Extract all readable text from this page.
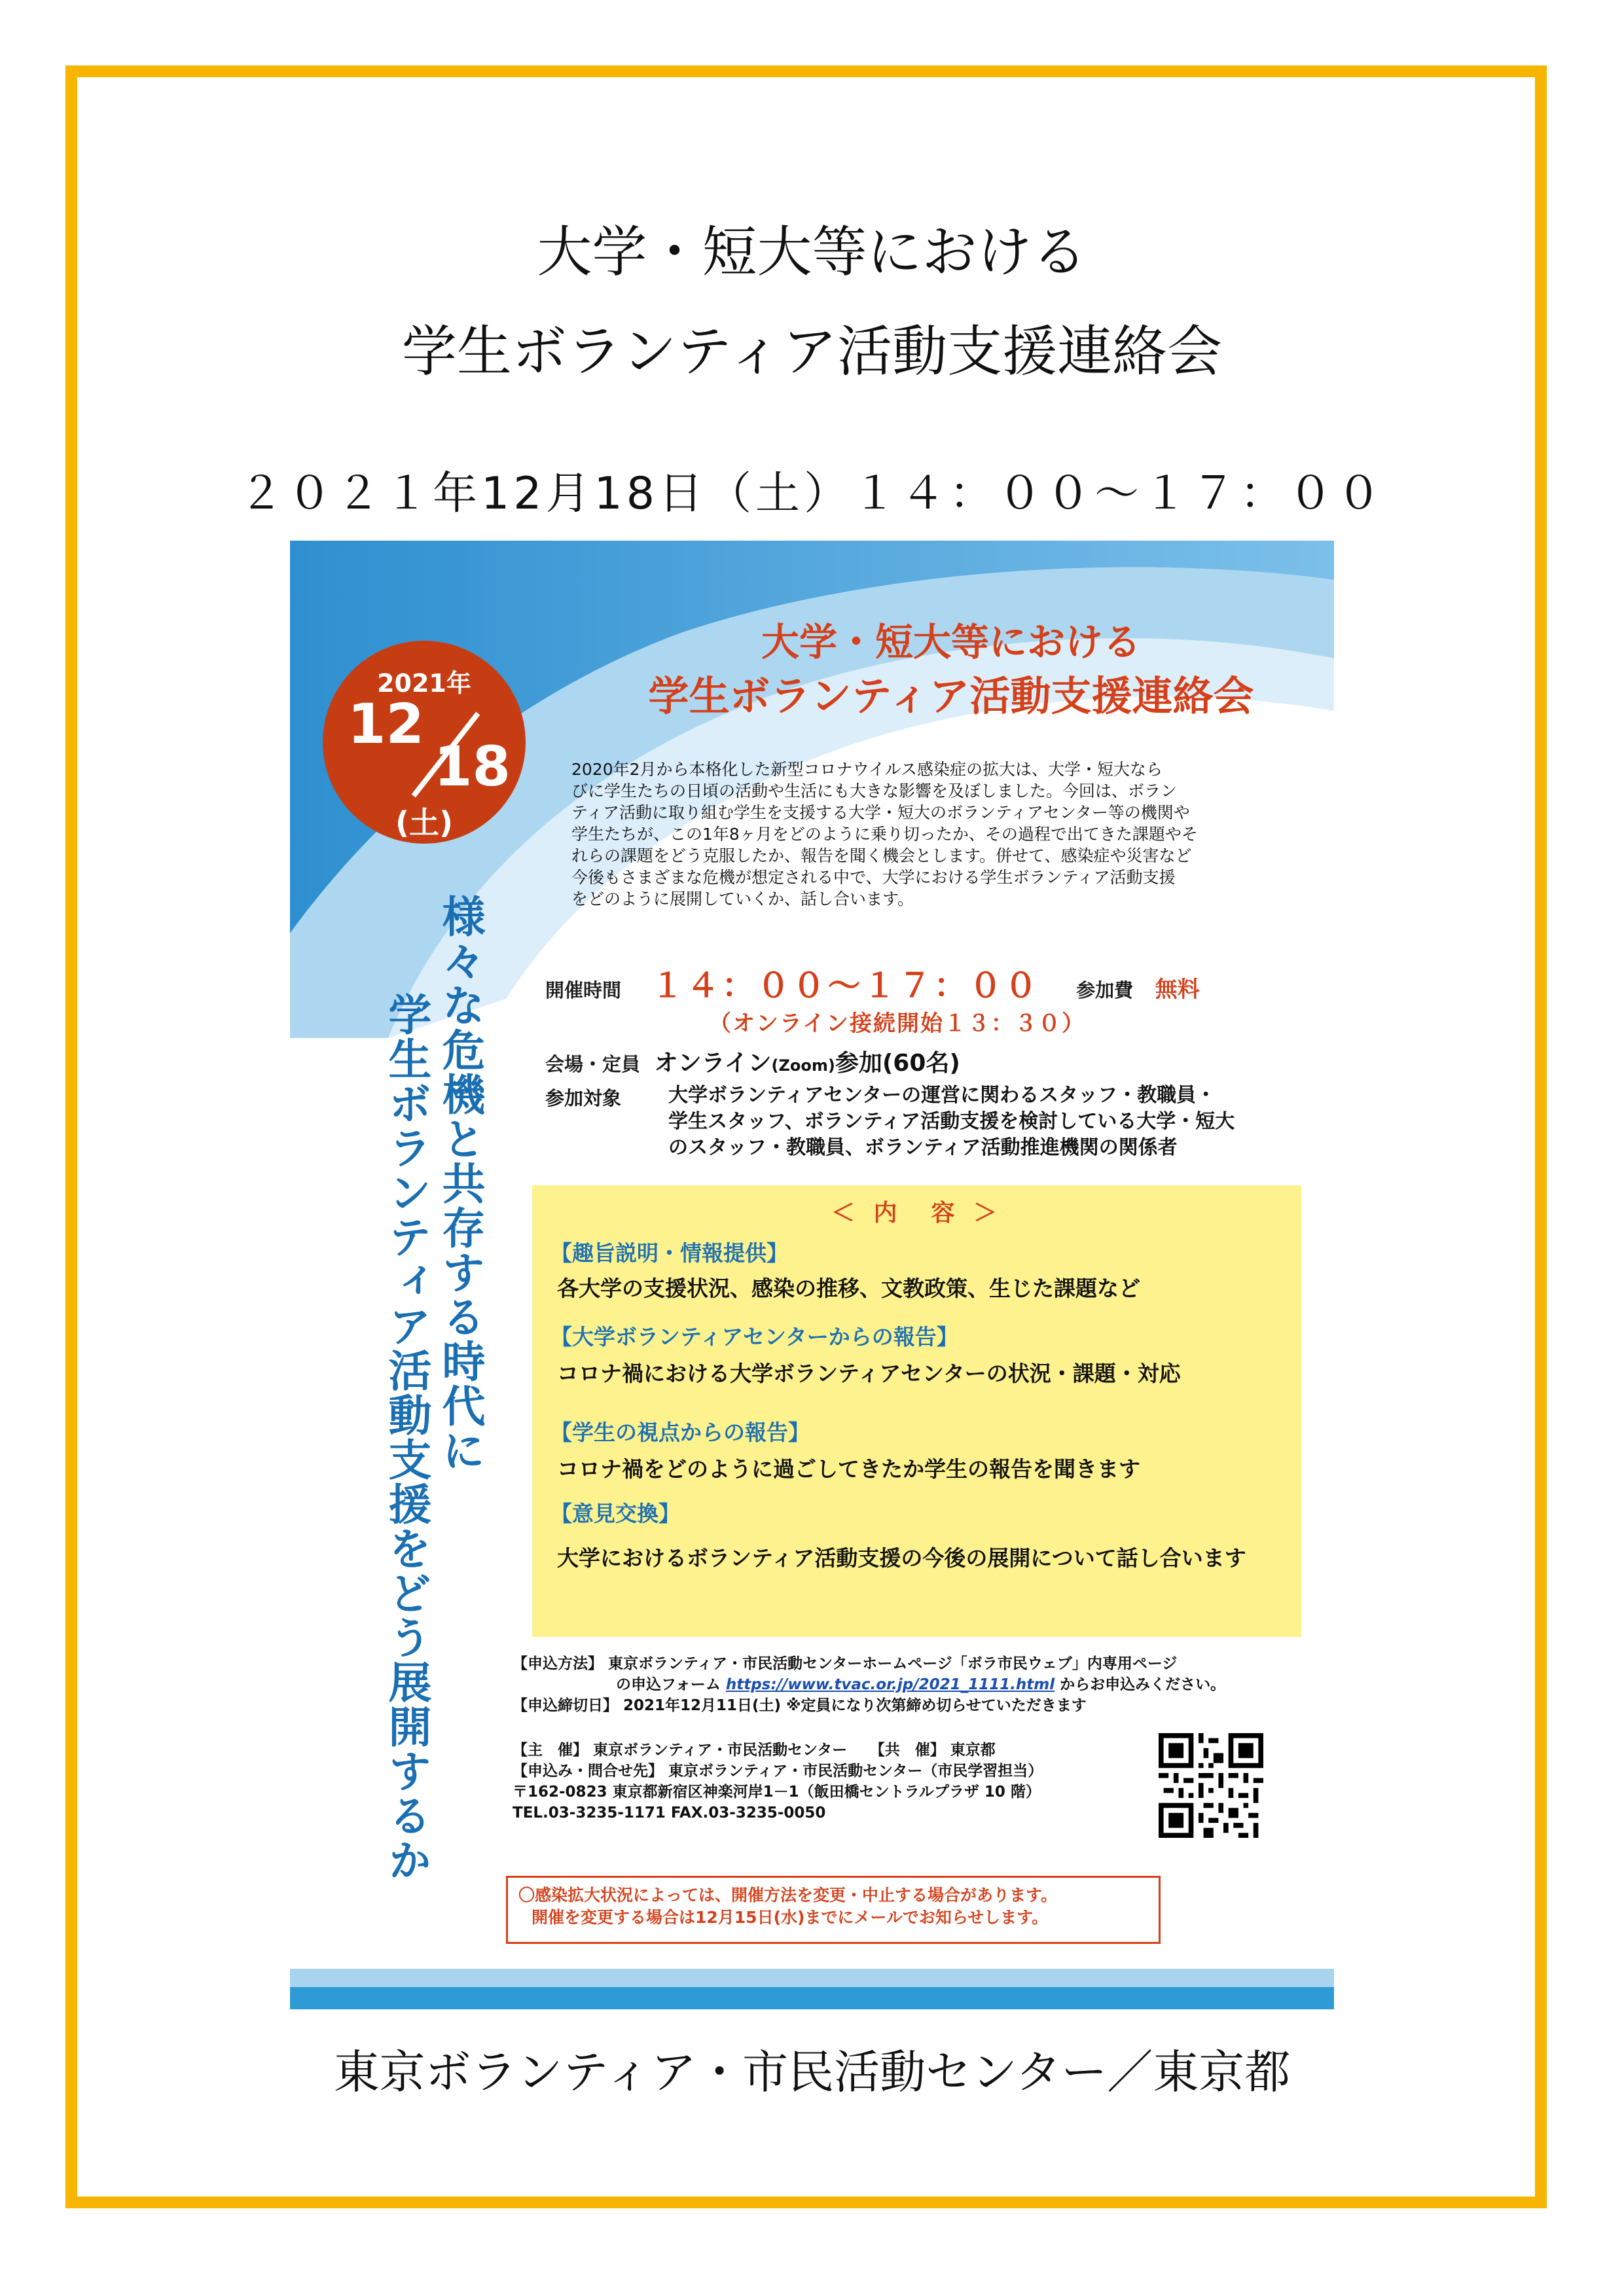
大学・短大等における
学生ボランティア活動支援連絡会
２０２１年12月18日（土）１４：００～１７：００
2021年
12
18
(土)
大学・短大等における
学生ボランティア活動支援連絡会
2020年2月から本格化した新型コロナウイルス感染症の拡大は、大学・短大なら
びに学生たちの日頃の活動や生活にも大きな影響を及ぼしました。今回は、ボラン
ティア活動に取り組む学生を支援する大学・短大のボランティアセンター等の機関や
学生たちが、この1年8ヶ月をどのように乗り切ったか、その過程で出てきた課題やそ
れらの課題をどう克服したか、報告を聞く機会とします。併せて、感染症や災害など
今後もさまざまな危機が想定される中で、大学における学生ボランティア活動支援
をどのように展開していくか、話し合います。
様々な危機と共存する時代に
学生ボランティア活動支援をどう展開するか
開催時間 １４：００～１７：００ 参加費 無料
（オンライン接続開始１３：３０）
会場・定員 オンライン(Zoom)参加(60名)
参加対象 大学ボランティアセンターの運営に関わるスタッフ・教職員・
学生スタッフ、ボランティア活動支援を検討している大学・短大
のスタッフ・教職員、ボランティア活動推進機関の関係者
＜ 内　容 ＞
【趣旨説明・情報提供】
各大学の支援状況、感染の推移、文教政策、生じた課題など
【大学ボランティアセンターからの報告】
コロナ禍における大学ボランティアセンターの状況・課題・対応
【学生の視点からの報告】
コロナ禍をどのように過ごしてきたか学生の報告を聞きます
【意見交換】
大学におけるボランティア活動支援の今後の展開について話し合います
【申込方法】 東京ボランティア・市民活動センターホームページ「ボラ市民ウェブ」内専用ページ
の申込フォーム https://www.tvac.or.jp/2021_1111.html からお申込みください。
【申込締切日】 2021年12月11日(土) ※定員になり次第締め切らせていただきます
【主　催】 東京ボランティア・市民活動センター　　【共　催】 東京都
【申込み・問合せ先】 東京ボランティア・市民活動センター（市民学習担当）
〒162-0823 東京都新宿区神楽河岸1－1（飯田橋セントラルプラザ 10 階）
TEL.03-3235-1171 FAX.03-3235-0050
〇感染拡大状況によっては、開催方法を変更・中止する場合があります。
開催を変更する場合は12月15日(水)までにメールでお知らせします。
東京ボランティア・市民活動センター／東京都
